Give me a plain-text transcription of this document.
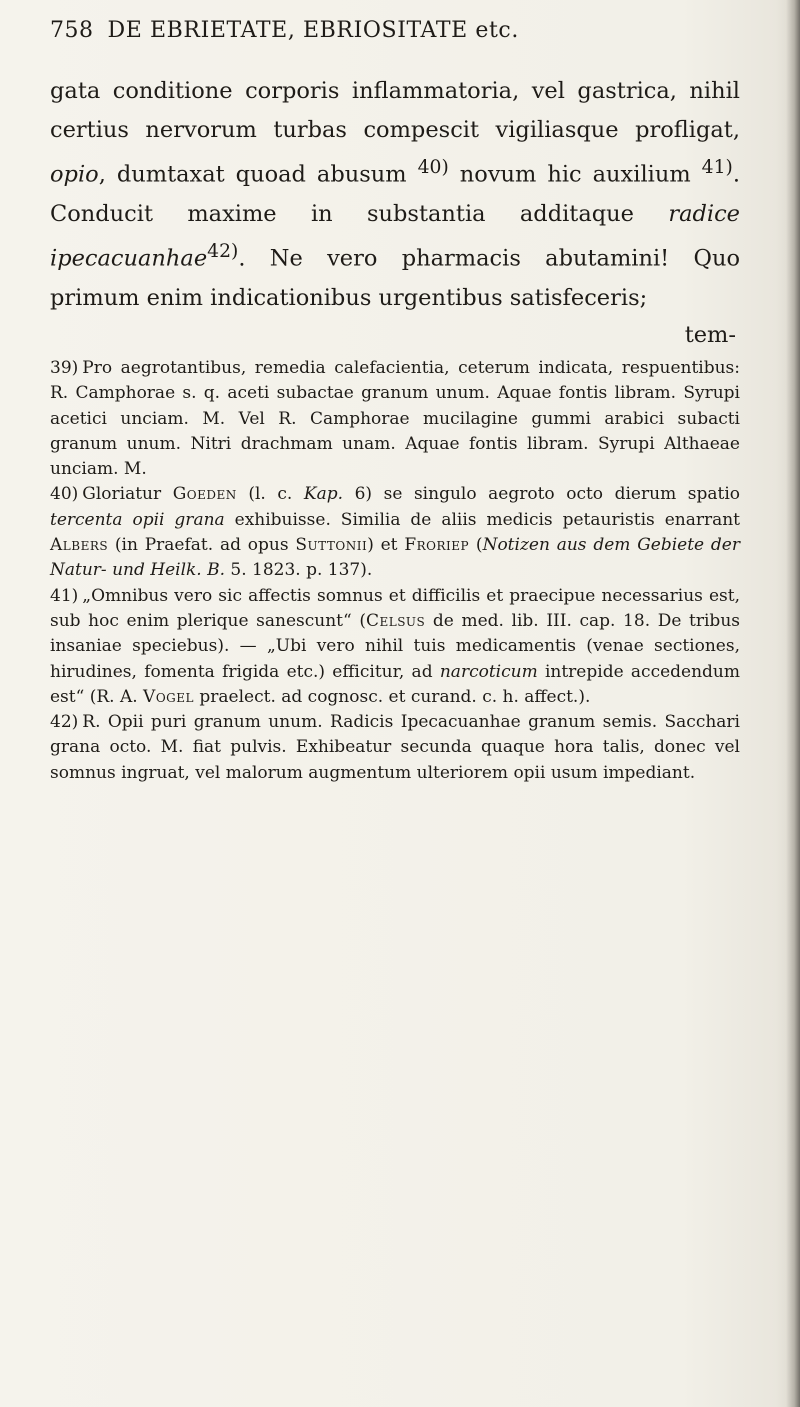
758 DE EBRIETATE, EBRIOSITATE etc.

gata conditione corporis inflammatoria, vel gastrica, nihil certius nervorum turbas compescit vigiliasque profligat, opio, dumtaxat quoad abusum $^{40)}$ novum hic auxilium $^{41)}$. Conducit maxime in substantia additaque radice ipecacuanhae$^{42)}$. Ne vero pharmacis abutamini! Quo primum enim indicationibus urgentibus satisfeceris;

tem-

39) Pro aegrotantibus, remedia calefacientia, ceterum indicata, respuentibus: R. Camphorae s. q. aceti subactae granum unum. Aquae fontis libram. Syrupi acetici unciam. M. Vel R. Camphorae mucilagine gummi arabici subacti granum unum. Nitri drachmam unam. Aquae fontis libram. Syrupi Althaeae unciam. M.

40) Gloriatur Goeden (l. c. Kap. 6) se singulo aegroto octo dierum spatio tercenta opii grana exhibuisse. Similia de aliis medicis petauristis enarrant Albers (in Praefat. ad opus Suttonii) et Froriep (Notizen aus dem Gebiete der Natur- und Heilk. B. 5. 1823. p. 137).

41) „Omnibus vero sic affectis somnus et difficilis et praecipue necessarius est, sub hoc enim plerique sanescunt“ (Celsus de med. lib. III. cap. 18. De tribus insaniae speciebus). — „Ubi vero nihil tuis medicamentis (venae sectiones, hirudines, fomenta frigida etc.) efficitur, ad narcoticum intrepide accedendum est“ (R. A. Vogel praelect. ad cognosc. et curand. c. h. affect.).

42) R. Opii puri granum unum. Radicis Ipecacuanhae granum semis. Sacchari grana octo. M. fiat pulvis. Exhibeatur secunda quaque hora talis, donec vel somnus ingruat, vel malorum augmentum ulteriorem opii usum impediant.
